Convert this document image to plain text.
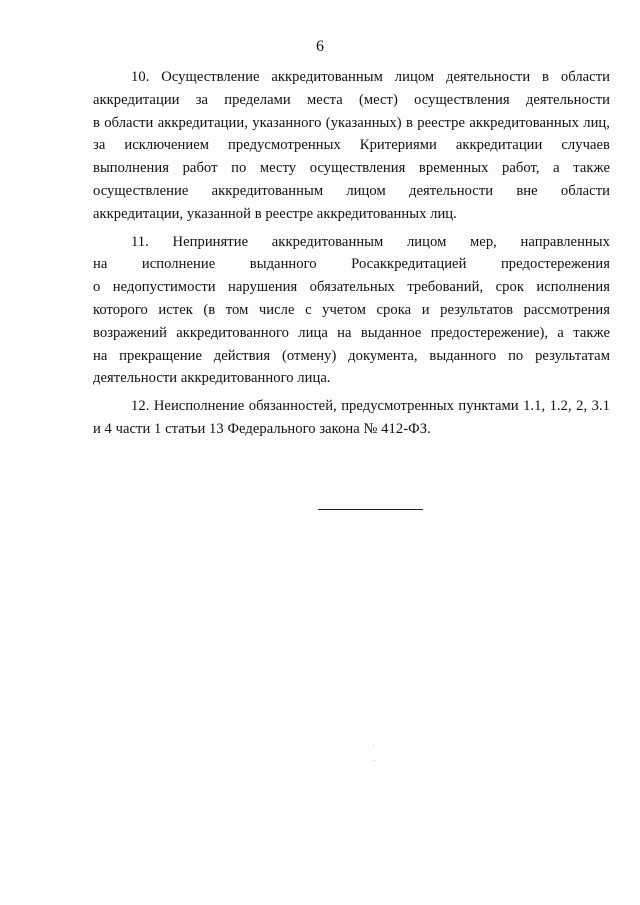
6
10. Осуществление аккредитованным лицом деятельности в области
аккредитации за пределами места (мест) осуществления деятельности
в области аккредитации, указанного (указанных) в реестре аккредитованных лиц,
за исключением предусмотренных Критериями аккредитации случаев
выполнения работ по месту осуществления временных работ, а также
осуществление аккредитованным лицом деятельности вне области
аккредитации, указанной в реестре аккредитованных лиц.
11. Непринятие аккредитованным лицом мер, направленных
на исполнение выданного Росаккредитацией предостережения
о недопустимости нарушения обязательных требований, срок исполнения
которого истек (в том числе с учетом срока и результатов рассмотрения
возражений аккредитованного лица на выданное предостережение), а также
на прекращение действия (отмену) документа, выданного по результатам
деятельности аккредитованного лица.
12. Неисполнение обязанностей, предусмотренных пунктами 1.1, 1.2, 2, 3.1
и 4 части 1 статьи 13 Федерального закона № 412-ФЗ.
